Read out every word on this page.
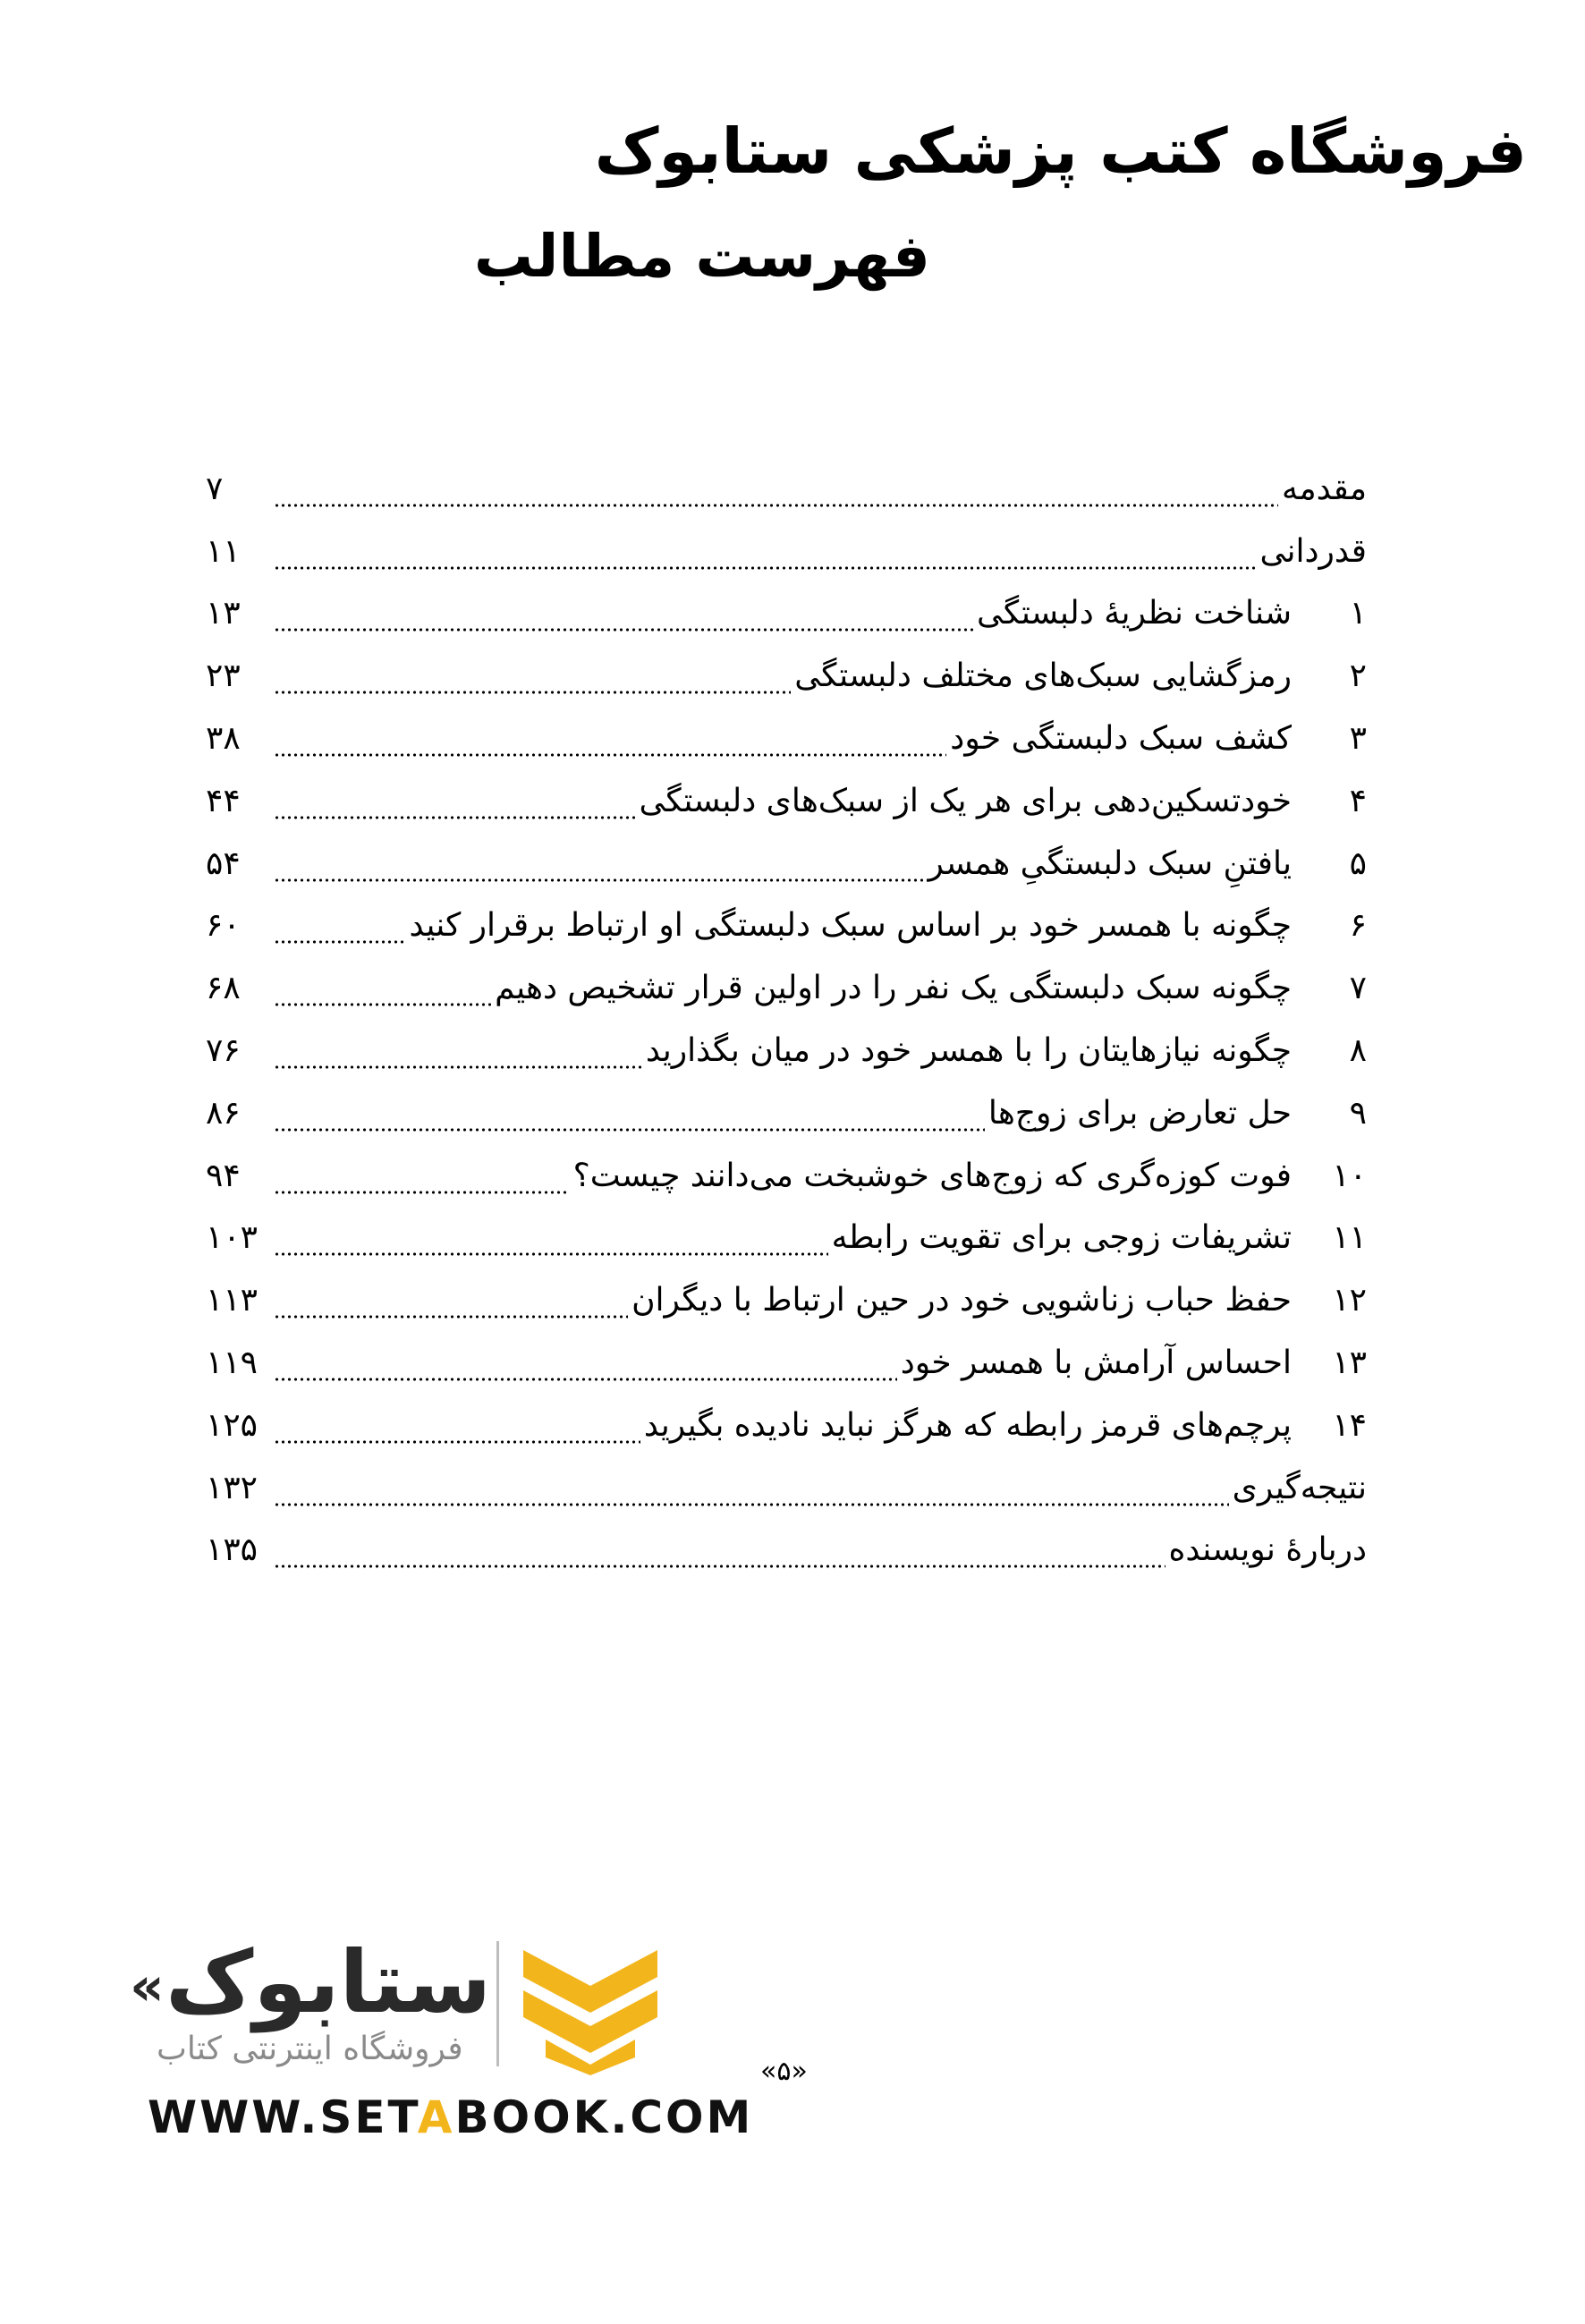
فروشگاه کتب پزشکی ستابوک
فهرست مطالب
مقدمه
۷
قدردانی
۱۱
۱
شناخت نظریهٔ دلبستگی
۱۳
۲
رمزگشایی سبک‌های مختلف دلبستگی
۲۳
۳
کشف سبک دلبستگی خود
۳۸
۴
خودتسکین‌دهی برای هر یک از سبک‌های دلبستگی
۴۴
۵
یافتنِ سبک دلبستگیِ همسر
۵۴
۶
چگونه با همسر خود بر اساس سبک دلبستگی او ارتباط برقرار کنید
۶۰
۷
چگونه سبک دلبستگی یک نفر را در اولین قرار تشخیص دهیم
۶۸
۸
چگونه نیازهایتان را با همسر خود در میان بگذارید
۷۶
۹
حل تعارض برای زوج‌ها
۸۶
۱۰
فوت کوزه‌گری که زوج‌های خوشبخت می‌دانند چیست؟
۹۴
۱۱
تشریفات زوجی برای تقویت رابطه
۱۰۳
۱۲
حفظ حباب زناشویی خود در حین ارتباط با دیگران
۱۱۳
۱۳
احساس آرامش با همسر خود
۱۱۹
۱۴
پرچم‌های قرمز رابطه که هرگز نباید نادیده بگیرید
۱۲۵
نتیجه‌گیری
۱۳۲
دربارهٔ نویسنده
۱۳۵
« ستابوک
فروشگاه اینترنتی کتاب
WWW.SETABOOK.COM
«۵»
